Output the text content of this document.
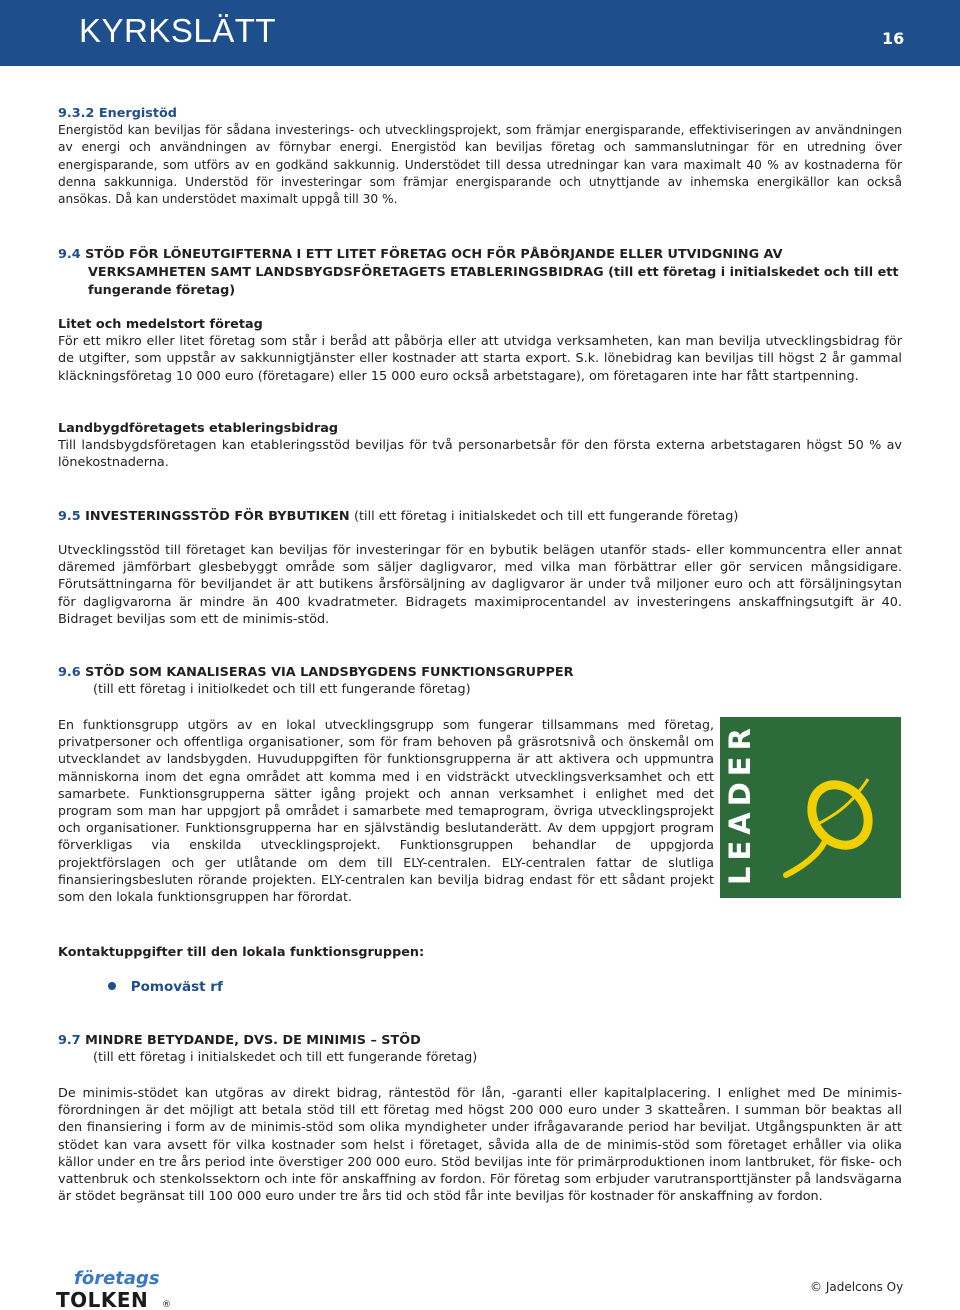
KYRKSLÄTT	16

9.3.2 Energistöd

Energistöd kan beviljas för sådana investerings- och utvecklingsprojekt, som främjar energisparande, effektiviseringen av användningen av energi och användningen av förnybar energi. Energistöd kan beviljas företag och sammanslutningar för en utredning över energisparande, som utförs av en godkänd sakkunnig. Understödet till dessa utredningar kan vara maximalt 40 % av kostnaderna för denna sakkunniga. Understöd för investeringar som främjar energisparande och utnyttjande av inhemska energikällor kan också ansökas. Då kan understödet maximalt uppgå till 30 %.

9.4 STÖD FÖR LÖNEUTGIFTERNA I ETT LITET FÖRETAG OCH FÖR PÅBÖRJANDE ELLER UTVIDGNING AV VERKSAMHETEN SAMT LANDSBYGDSFÖRETAGETS ETABLERINGSBIDRAG (till ett företag i initialskedet och till ett fungerande företag)

Litet och medelstort företag

För ett mikro eller litet företag som står i beråd att påbörja eller att utvidga verksamheten, kan man bevilja utvecklingsbidrag för de utgifter, som uppstår av sakkunnigtjänster eller kostnader att starta export. S.k. lönebidrag kan beviljas till högst 2 år gammal kläckningsföretag 10 000 euro (företagare) eller 15 000 euro också arbetstagare), om företagaren inte har fått startpenning.

Landbygdföretagets etableringsbidrag

Till landsbygdsföretagen kan etableringsstöd beviljas för två personarbetsår för den första externa arbetstagaren högst 50 % av lönekostnaderna.

9.5 INVESTERINGSSTÖD FÖR BYBUTIKEN (till ett företag i initialskedet och till ett fungerande företag)

Utvecklingsstöd till företaget kan beviljas för investeringar för en bybutik belägen utanför stads- eller kommuncentra eller annat däremed jämförbart glesbebyggt område som säljer dagligvaror, med vilka man förbättrar eller gör servicen mångsidigare. Förutsättningarna för beviljandet är att butikens årsförsäljning av dagligvaror är under två miljoner euro och att försäljningsytan för dagligvarorna är mindre än 400 kvadratmeter. Bidragets maximiprocentandel av investeringens anskaffningsutgift är 40. Bidraget beviljas som ett de minimis-stöd.

9.6 STÖD SOM KANALISERAS VIA LANDSBYGDENS FUNKTIONSGRUPPER

(till ett företag i initiolkedet och till ett fungerande företag)

En funktionsgrupp utgörs av en lokal utvecklingsgrupp som fungerar tillsammans med företag, privatpersoner och offentliga organisationer, som för fram behoven på gräsrotsnivå och önskemål om utvecklandet av landsbygden. Huvuduppgiften för funktionsgrupperna är att aktivera och uppmuntra människorna inom det egna området att komma med i en vidsträckt utvecklingsverksamhet och ett samarbete. Funktionsgrupperna sätter igång projekt och annan verksamhet i enlighet med det program som man har uppgjort på området i samarbete med temaprogram, övriga utvecklingsprojekt och organisationer. Funktionsgrupperna har en självständig beslutanderätt. Av dem uppgjort program förverkligas via enskilda utvecklingsprojekt. Funktionsgruppen behandlar de uppgjorda projektförslagen och ger utlåtande om dem till ELY-centralen. ELY-centralen fattar de slutliga finansieringsbesluten rörande projekten. ELY-centralen kan bevilja bidrag endast för ett sådant projekt som den lokala funktionsgruppen har förordat.

LEADER

Kontaktuppgifter till den lokala funktionsgruppen:

Pomoväst rf

9.7 MINDRE BETYDANDE, DVS. DE MINIMIS – STÖD

(till ett företag i initialskedet och till ett fungerande företag)

De minimis-stödet kan utgöras av direkt bidrag, räntestöd för lån, -garanti eller kapitalplacering. I enlighet med De minimis-förordningen är det möjligt att betala stöd till ett företag med högst 200 000 euro under 3 skatteåren. I summan bör beaktas all den finansiering i form av de minimis-stöd som olika myndigheter under ifrågavarande period har beviljat. Utgångspunkten är att stödet kan vara avsett för vilka kostnader som helst i företaget, såvida alla de de minimis-stöd som företaget erhåller via olika källor under en tre års period inte överstiger 200 000 euro. Stöd beviljas inte för primärproduktionen inom lantbruket, för fiske- och vattenbruk och stenkolssektorn och inte för anskaffning av fordon. För företag som erbjuder varutransporttjänster på landsvägarna är stödet begränsat till 100 000 euro under tre års tid och stöd får inte beviljas för kostnader för anskaffning av fordon.

företags
TOLKEN ®
© Jadelcons Oy
